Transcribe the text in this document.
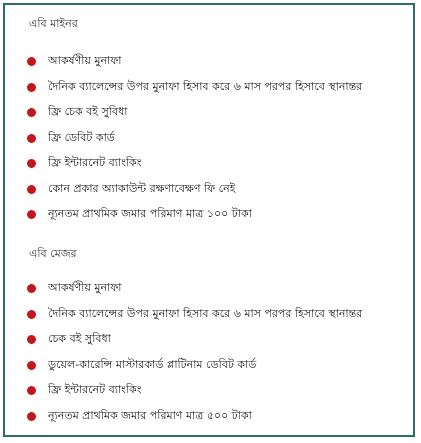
এবি মাইনর
আকর্ষণীয় মুনাফা
দৈনিক ব্যালেন্সের উপর মুনাফা হিসাব করে ৬ মাস পরপর হিসাবে স্থানান্তর
ফ্রি চেক বই সুবিধা
ফ্রি ডেবিট কার্ড
ফ্রি ইন্টারনেট ব্যাংকিং
কোন প্রকার অ্যাকাউন্ট রক্ষণাবেক্ষণ ফি নেই
ন্যূনতম প্রাথমিক জমার পরিমাণ মাত্র ১০০ টাকা
এবি মেজর
আকর্ষণীয় মুনাফা
দৈনিক ব্যালেন্সের উপর মুনাফা হিসাব করে ৬ মাস পরপর হিসাবে স্থানান্তর
চেক বই সুবিধা
ডুয়েল-কারেন্সি মাস্টারকার্ড প্লাটিনাম ডেবিট কার্ড
ফ্রি ইন্টারনেট ব্যাংকিং
ন্যূনতম প্রাথমিক জমার পরিমাণ মাত্র ৫০০ টাকা
